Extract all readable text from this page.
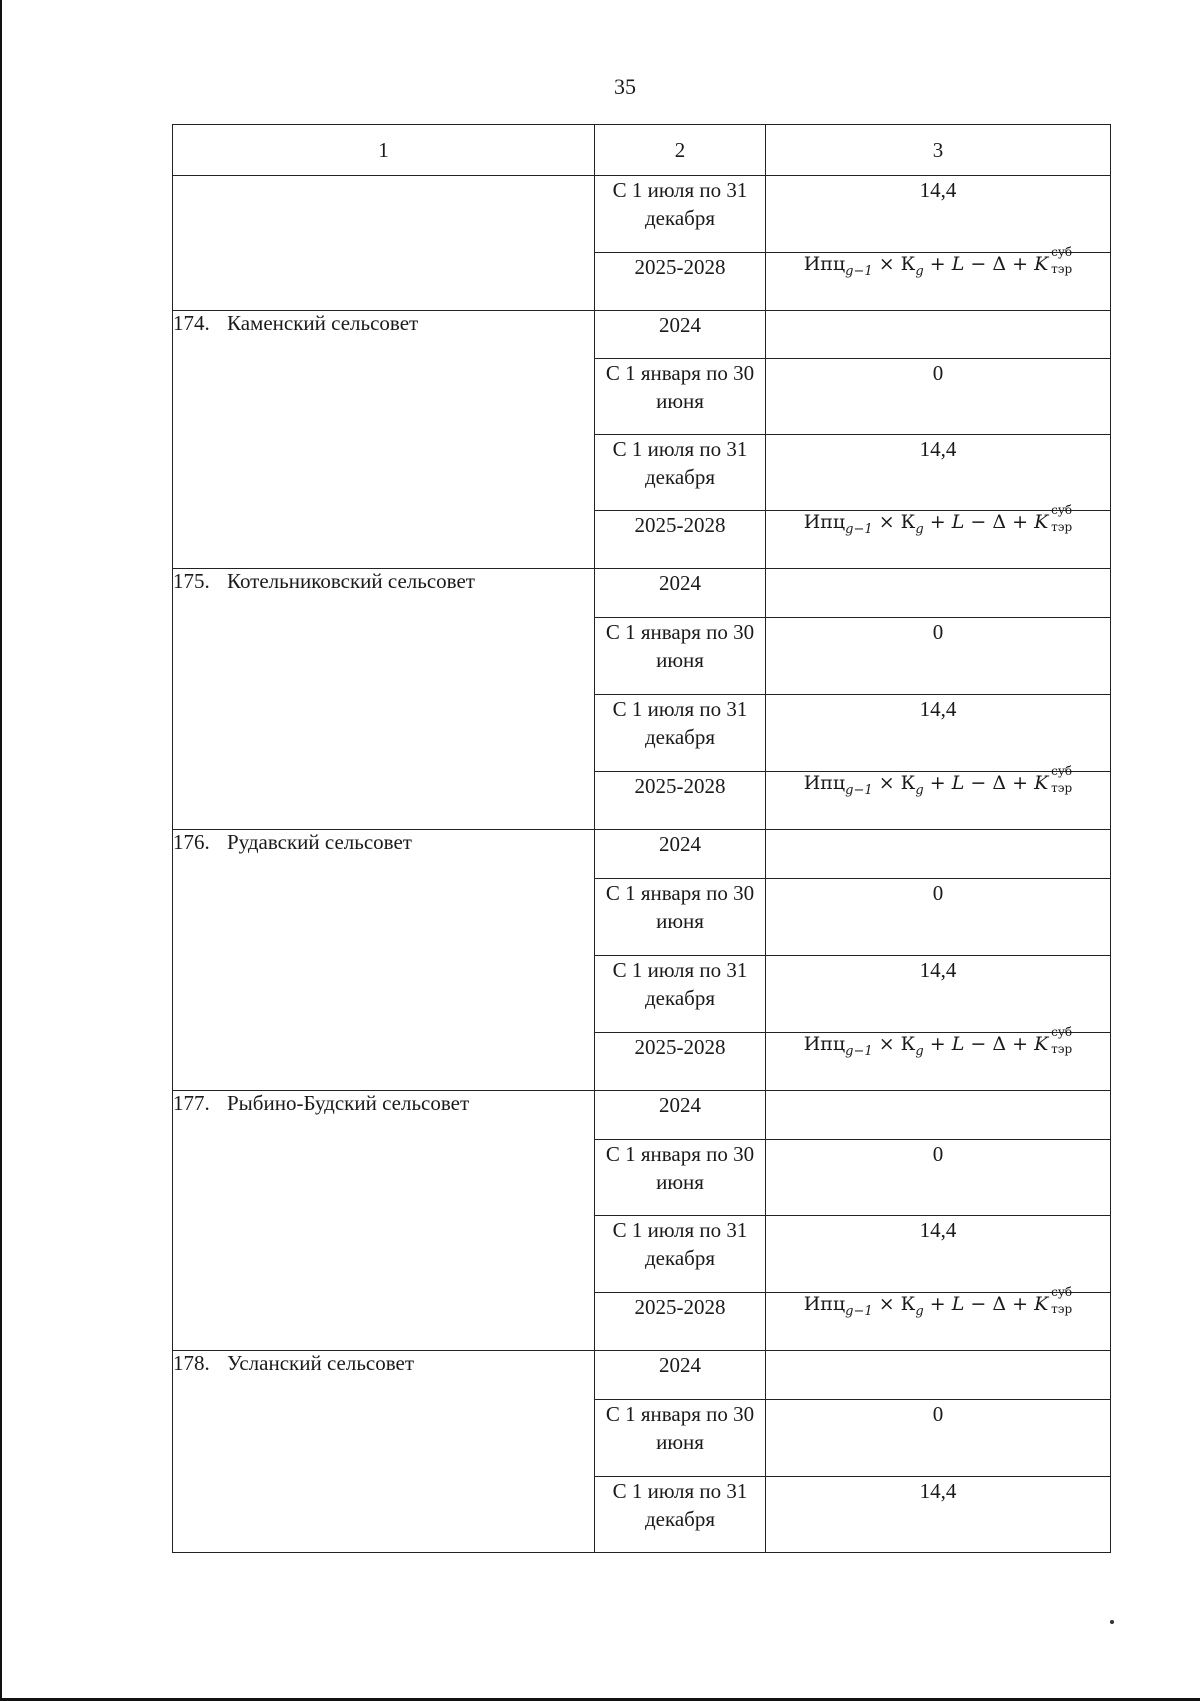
35
1	2	3
	С 1 июля по 31 декабря	14,4
	2025-2028	$Ипц_{g-1} \times К_g + L - \Delta + K$
суб
тэр

174. Каменский сельсовет	2024	
	С 1 января по 30 июня	0
	С 1 июля по 31 декабря	14,4
	2025-2028	$Ипц_{g-1} \times К_g + L - \Delta + K$
суб
тэр

175. Котельниковский сельсовет	2024	
	С 1 января по 30 июня	0
	С 1 июля по 31 декабря	14,4
	2025-2028	$Ипц_{g-1} \times К_g + L - \Delta + K$
суб
тэр

176. Рудавский сельсовет	2024	
	С 1 января по 30 июня	0
	С 1 июля по 31 декабря	14,4
	2025-2028	$Ипц_{g-1} \times К_g + L - \Delta + K$
суб
тэр

177. Рыбино-Будский сельсовет	2024	
	С 1 января по 30 июня	0
	С 1 июля по 31 декабря	14,4
	2025-2028	$Ипц_{g-1} \times К_g + L - \Delta + K$
суб
тэр

178. Усланский сельсовет	2024	
	С 1 января по 30 июня	0
	С 1 июля по 31 декабря	14,4
